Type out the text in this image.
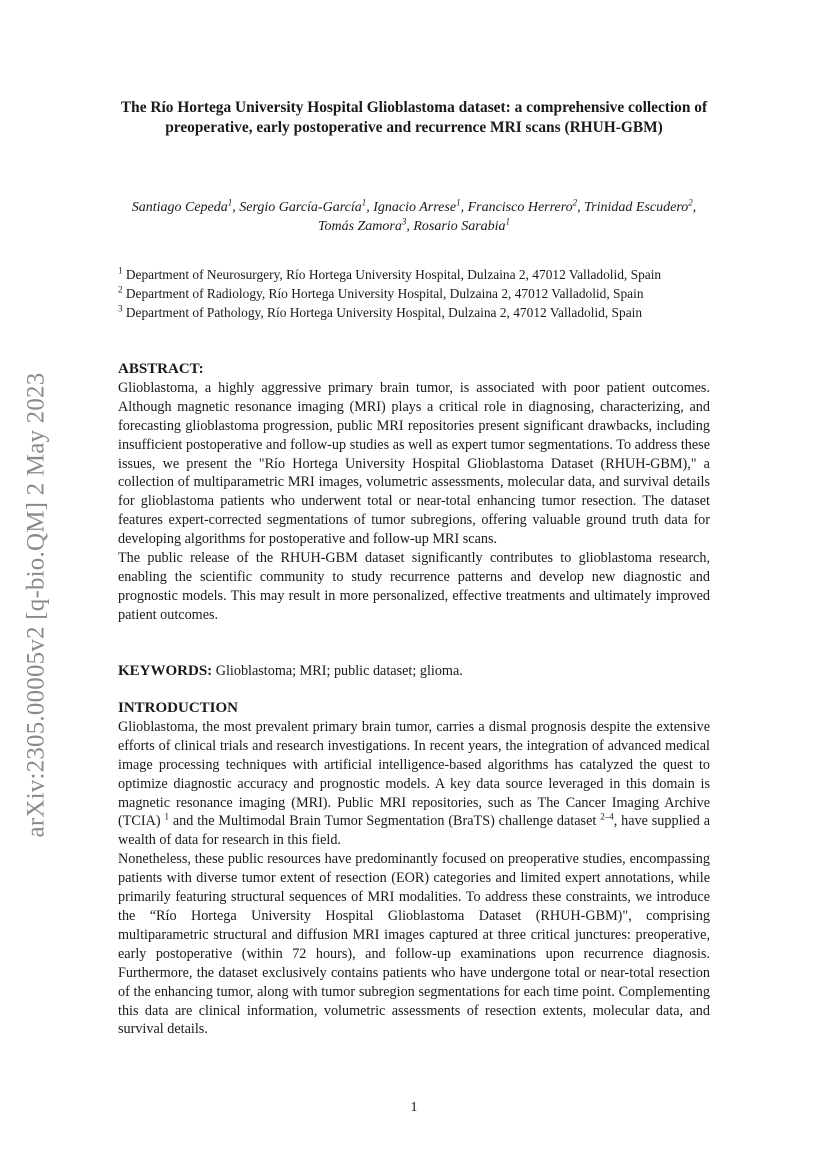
arXiv:2305.00005v2 [q-bio.QM] 2 May 2023
The Río Hortega University Hospital Glioblastoma dataset: a comprehensive collection of preoperative, early postoperative and recurrence MRI scans (RHUH-GBM)
Santiago Cepeda$^1$, Sergio García-García$^1$, Ignacio Arrese$^1$, Francisco Herrero$^2$, Trinidad Escudero$^2$, Tomás Zamora$^3$, Rosario Sarabia$^1$
$^1$ Department of Neurosurgery, Río Hortega University Hospital, Dulzaina 2, 47012 Valladolid, Spain
$^2$ Department of Radiology, Río Hortega University Hospital, Dulzaina 2, 47012 Valladolid, Spain
$^3$ Department of Pathology, Río Hortega University Hospital, Dulzaina 2, 47012 Valladolid, Spain
ABSTRACT:

Glioblastoma, a highly aggressive primary brain tumor, is associated with poor patient outcomes. Although magnetic resonance imaging (MRI) plays a critical role in diagnosing, characterizing, and forecasting glioblastoma progression, public MRI repositories present significant drawbacks, including insufficient postoperative and follow-up studies as well as expert tumor segmentations. To address these issues, we present the "Río Hortega University Hospital Glioblastoma Dataset (RHUH-GBM)," a collection of multiparametric MRI images, volumetric assessments, molecular data, and survival details for glioblastoma patients who underwent total or near-total enhancing tumor resection. The dataset features expert-corrected segmentations of tumor subregions, offering valuable ground truth data for developing algorithms for postoperative and follow-up MRI scans.

The public release of the RHUH-GBM dataset significantly contributes to glioblastoma research, enabling the scientific community to study recurrence patterns and develop new diagnostic and prognostic models. This may result in more personalized, effective treatments and ultimately improved patient outcomes.

KEYWORDS: Glioblastoma; MRI; public dataset; glioma.

INTRODUCTION

Glioblastoma, the most prevalent primary brain tumor, carries a dismal prognosis despite the extensive efforts of clinical trials and research investigations. In recent years, the integration of advanced medical image processing techniques with artificial intelligence-based algorithms has catalyzed the quest to optimize diagnostic accuracy and prognostic models. A key data source leveraged in this domain is magnetic resonance imaging (MRI). Public MRI repositories, such as The Cancer Imaging Archive (TCIA) $^1$ and the Multimodal Brain Tumor Segmentation (BraTS) challenge dataset $^{2-4}$, have supplied a wealth of data for research in this field.

Nonetheless, these public resources have predominantly focused on preoperative studies, encompassing patients with diverse tumor extent of resection (EOR) categories and limited expert annotations, while primarily featuring structural sequences of MRI modalities. To address these constraints, we introduce the “Río Hortega University Hospital Glioblastoma Dataset (RHUH-GBM)", comprising multiparametric structural and diffusion MRI images captured at three critical junctures: preoperative, early postoperative (within 72 hours), and follow-up examinations upon recurrence diagnosis. Furthermore, the dataset exclusively contains patients who have undergone total or near-total resection of the enhancing tumor, along with tumor subregion segmentations for each time point. Complementing this data are clinical information, volumetric assessments of resection extents, molecular data, and survival details.

1
